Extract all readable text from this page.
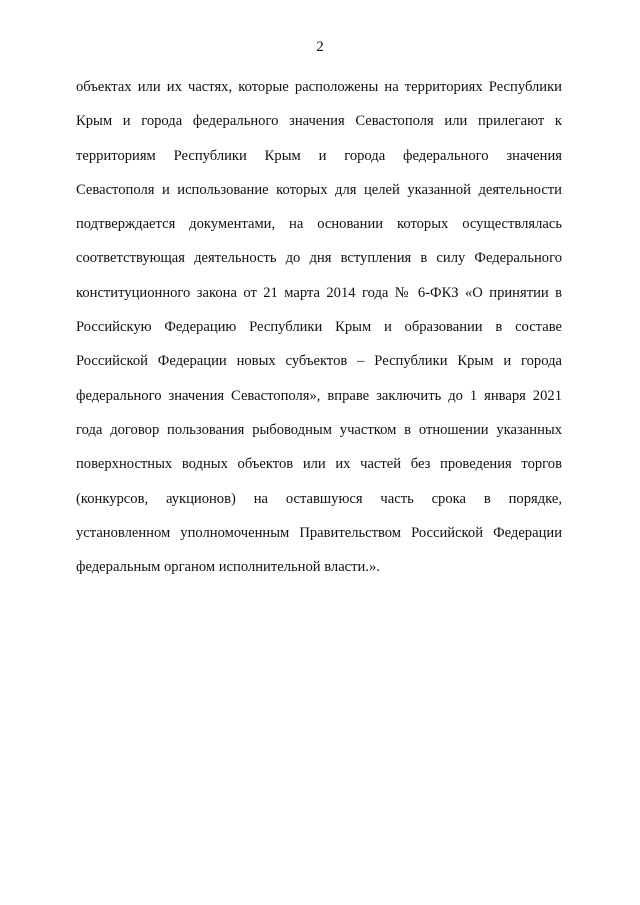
2
объектах или их частях, которые расположены на территориях Республики
Крым и города федерального значения Севастополя или прилегают к
территориям Республики Крым и города федерального значения
Севастополя и использование которых для целей указанной деятельности
подтверждается документами, на основании которых осуществлялась
соответствующая деятельность до дня вступления в силу Федерального
конституционного закона от 21 марта 2014 года № 6-ФКЗ «О принятии в
Российскую Федерацию Республики Крым и образовании в составе
Российской Федерации новых субъектов – Республики Крым и города
федерального значения Севастополя», вправе заключить до 1 января 2021
года договор пользования рыбоводным участком в отношении указанных
поверхностных водных объектов или их частей без проведения торгов
(конкурсов, аукционов) на оставшуюся часть срока в порядке,
установленном уполномоченным Правительством Российской Федерации
федеральным органом исполнительной власти.».
